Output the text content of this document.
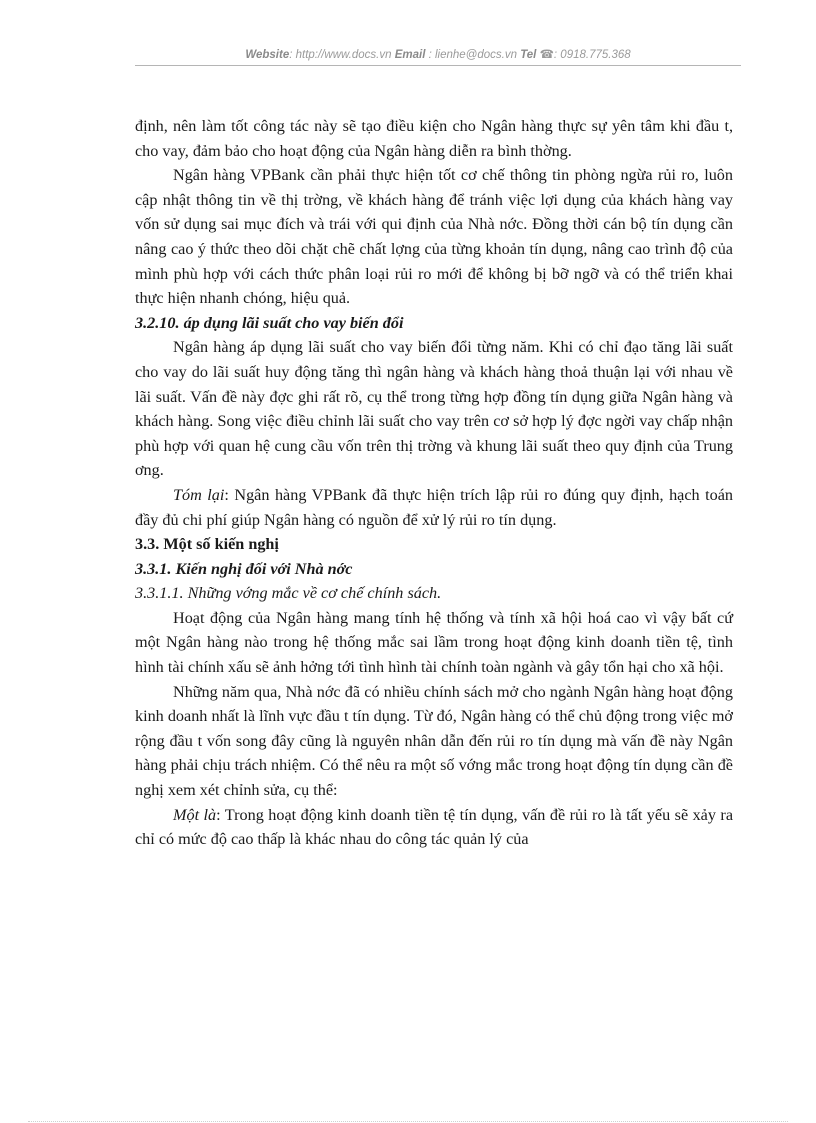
Website: http://www.docs.vn Email : lienhe@docs.vn Tel ☎: 0918.775.368

định, nên làm tốt công tác này sẽ tạo điều kiện cho Ngân hàng thực sự yên tâm khi đầu t, cho vay, đảm bảo cho hoạt động của Ngân hàng diễn ra bình thờng.

Ngân hàng VPBank cần phải thực hiện tốt cơ chế thông tin phòng ngừa rủi ro, luôn cập nhật thông tin về thị trờng, về khách hàng để tránh việc lợi dụng của khách hàng vay vốn sử dụng sai mục đích và trái với qui định của Nhà nớc. Đồng thời cán bộ tín dụng cần nâng cao ý thức theo dõi chặt chẽ chất lợng của từng khoản tín dụng, nâng cao trình độ của mình phù hợp với cách thức phân loại rủi ro mới để không bị bỡ ngỡ và có thể triển khai thực hiện nhanh chóng, hiệu quả.

3.2.10. áp dụng lãi suất cho vay biến đổi

Ngân hàng áp dụng lãi suất cho vay biến đổi từng năm. Khi có chỉ đạo tăng lãi suất cho vay do lãi suất huy động tăng thì ngân hàng và khách hàng thoả thuận lại với nhau về lãi suất. Vấn đề này đợc ghi rất rõ, cụ thể trong từng hợp đồng tín dụng giữa Ngân hàng và khách hàng. Song việc điều chỉnh lãi suất cho vay trên cơ sở hợp lý đợc ngời vay chấp nhận phù hợp với quan hệ cung cầu vốn trên thị trờng và khung lãi suất theo quy định của Trung ơng.

Tóm lại: Ngân hàng VPBank đã thực hiện trích lập rủi ro đúng quy định, hạch toán đầy đủ chi phí giúp Ngân hàng có nguồn để xử lý rủi ro tín dụng.

3.3. Một số kiến nghị

3.3.1. Kiến nghị đối với Nhà nớc

3.3.1.1. Những vớng mắc về cơ chế chính sách.

Hoạt động của Ngân hàng mang tính hệ thống và tính xã hội hoá cao vì vậy bất cứ một Ngân hàng nào trong hệ thống mắc sai lầm trong hoạt động kinh doanh tiền tệ, tình hình tài chính xấu sẽ ảnh hởng tới tình hình tài chính toàn ngành và gây tổn hại cho xã hội.

Những năm qua, Nhà nớc đã có nhiều chính sách mở cho ngành Ngân hàng hoạt động kinh doanh nhất là lĩnh vực đầu t tín dụng. Từ đó, Ngân hàng có thể chủ động trong việc mở rộng đầu t vốn song đây cũng là nguyên nhân dẫn đến rủi ro tín dụng mà vấn đề này Ngân hàng phải chịu trách nhiệm. Có thể nêu ra một số vớng mắc trong hoạt động tín dụng cần đề nghị xem xét chỉnh sửa, cụ thể:

Một là: Trong hoạt động kinh doanh tiền tệ tín dụng, vấn đề rủi ro là tất yếu sẽ xảy ra chỉ có mức độ cao thấp là khác nhau do công tác quản lý của
